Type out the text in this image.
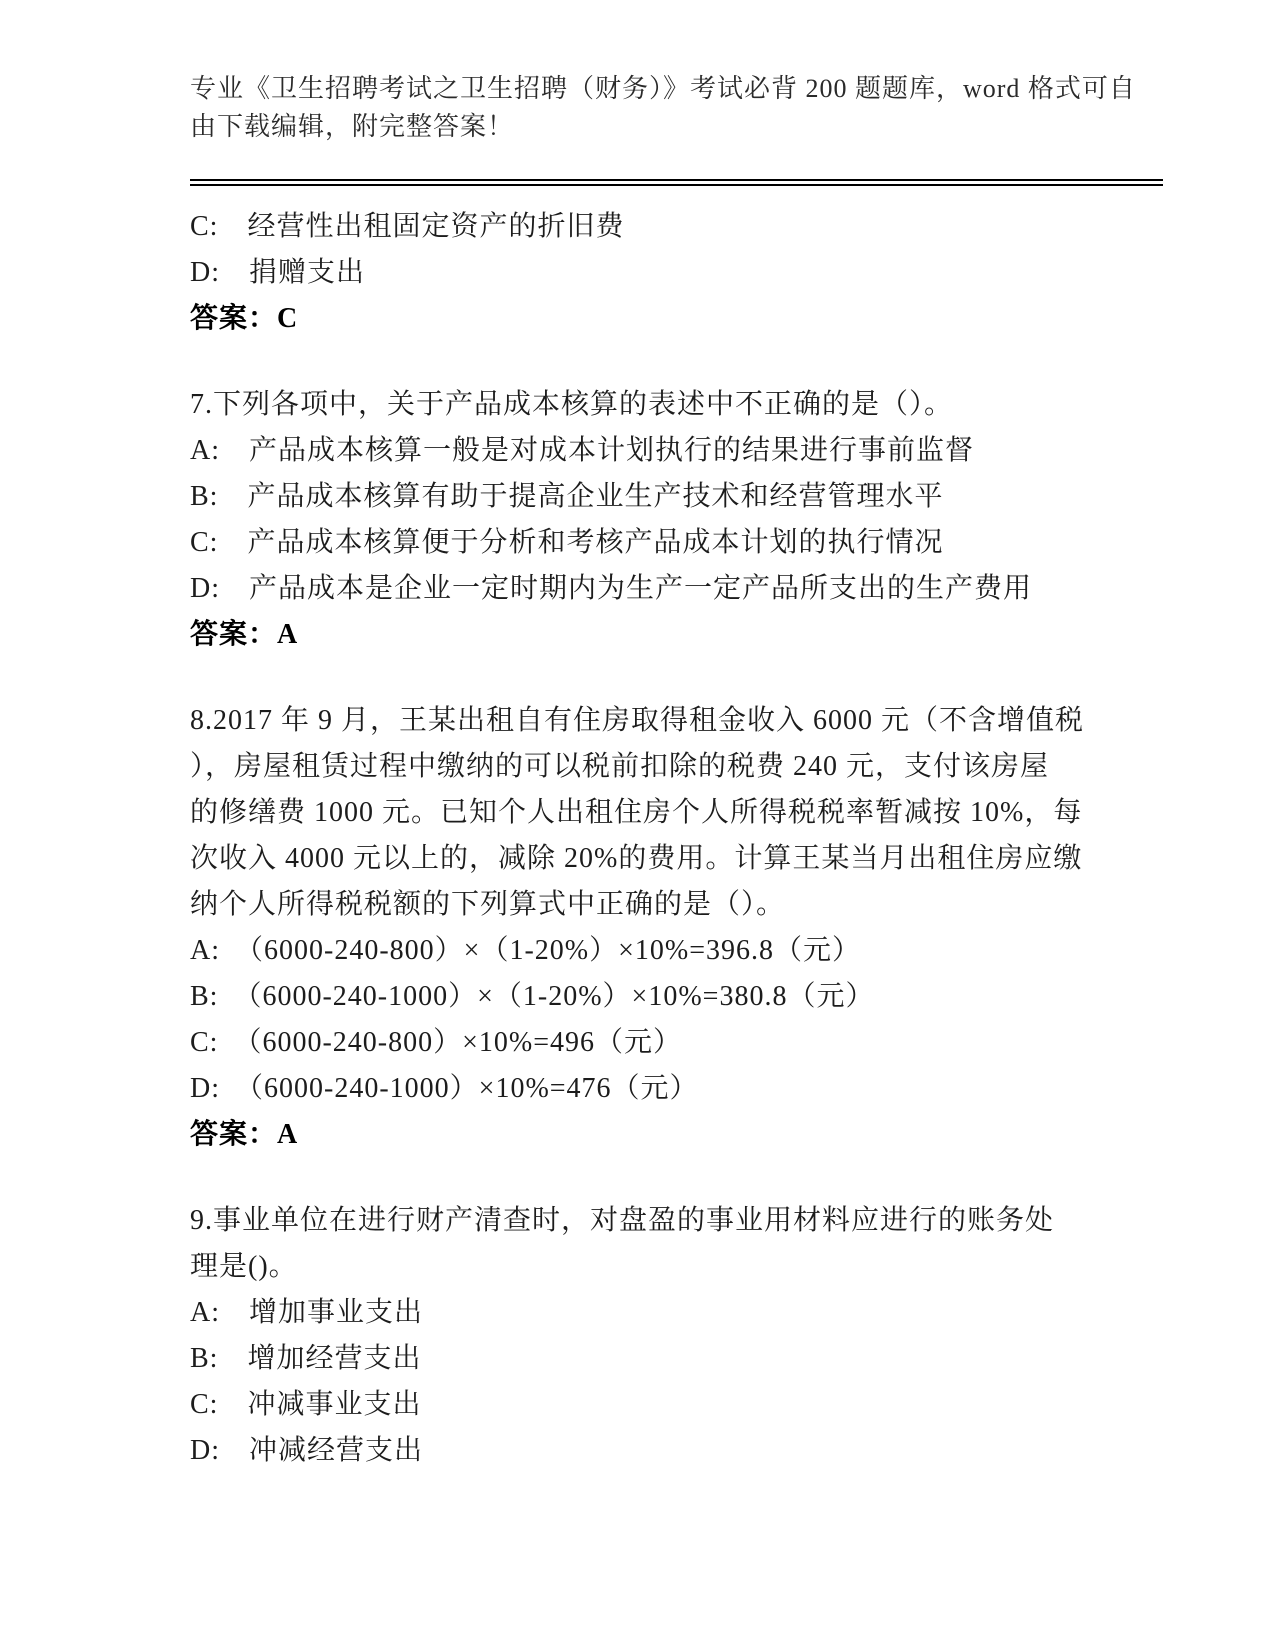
专业《卫生招聘考试之卫生招聘（财务）》考试必背 200 题题库，word 格式可自
由下载编辑，附完整答案！
C:　经营性出租固定资产的折旧费
D:　捐赠支出
答案：C
7.下列各项中，关于产品成本核算的表述中不正确的是（）。
A:　产品成本核算一般是对成本计划执行的结果进行事前监督
B:　产品成本核算有助于提高企业生产技术和经营管理水平
C:　产品成本核算便于分析和考核产品成本计划的执行情况
D:　产品成本是企业一定时期内为生产一定产品所支出的生产费用
答案：A
8.2017 年 9 月，王某出租自有住房取得租金收入 6000 元（不含增值税
），房屋租赁过程中缴纳的可以税前扣除的税费 240 元，支付该房屋
的修缮费 1000 元。已知个人出租住房个人所得税税率暂减按 10%，每
次收入 4000 元以上的，减除 20%的费用。计算王某当月出租住房应缴
纳个人所得税税额的下列算式中正确的是（）。
A:　（6000-240-800）×（1-20%）×10%=396.8（元）
B:　（6000-240-1000）×（1-20%）×10%=380.8（元）
C:　（6000-240-800）×10%=496（元）
D:　（6000-240-1000）×10%=476（元）
答案：A
9.事业单位在进行财产清查时，对盘盈的事业用材料应进行的账务处
理是()。
A:　增加事业支出
B:　增加经营支出
C:　冲减事业支出
D:　冲减经营支出
